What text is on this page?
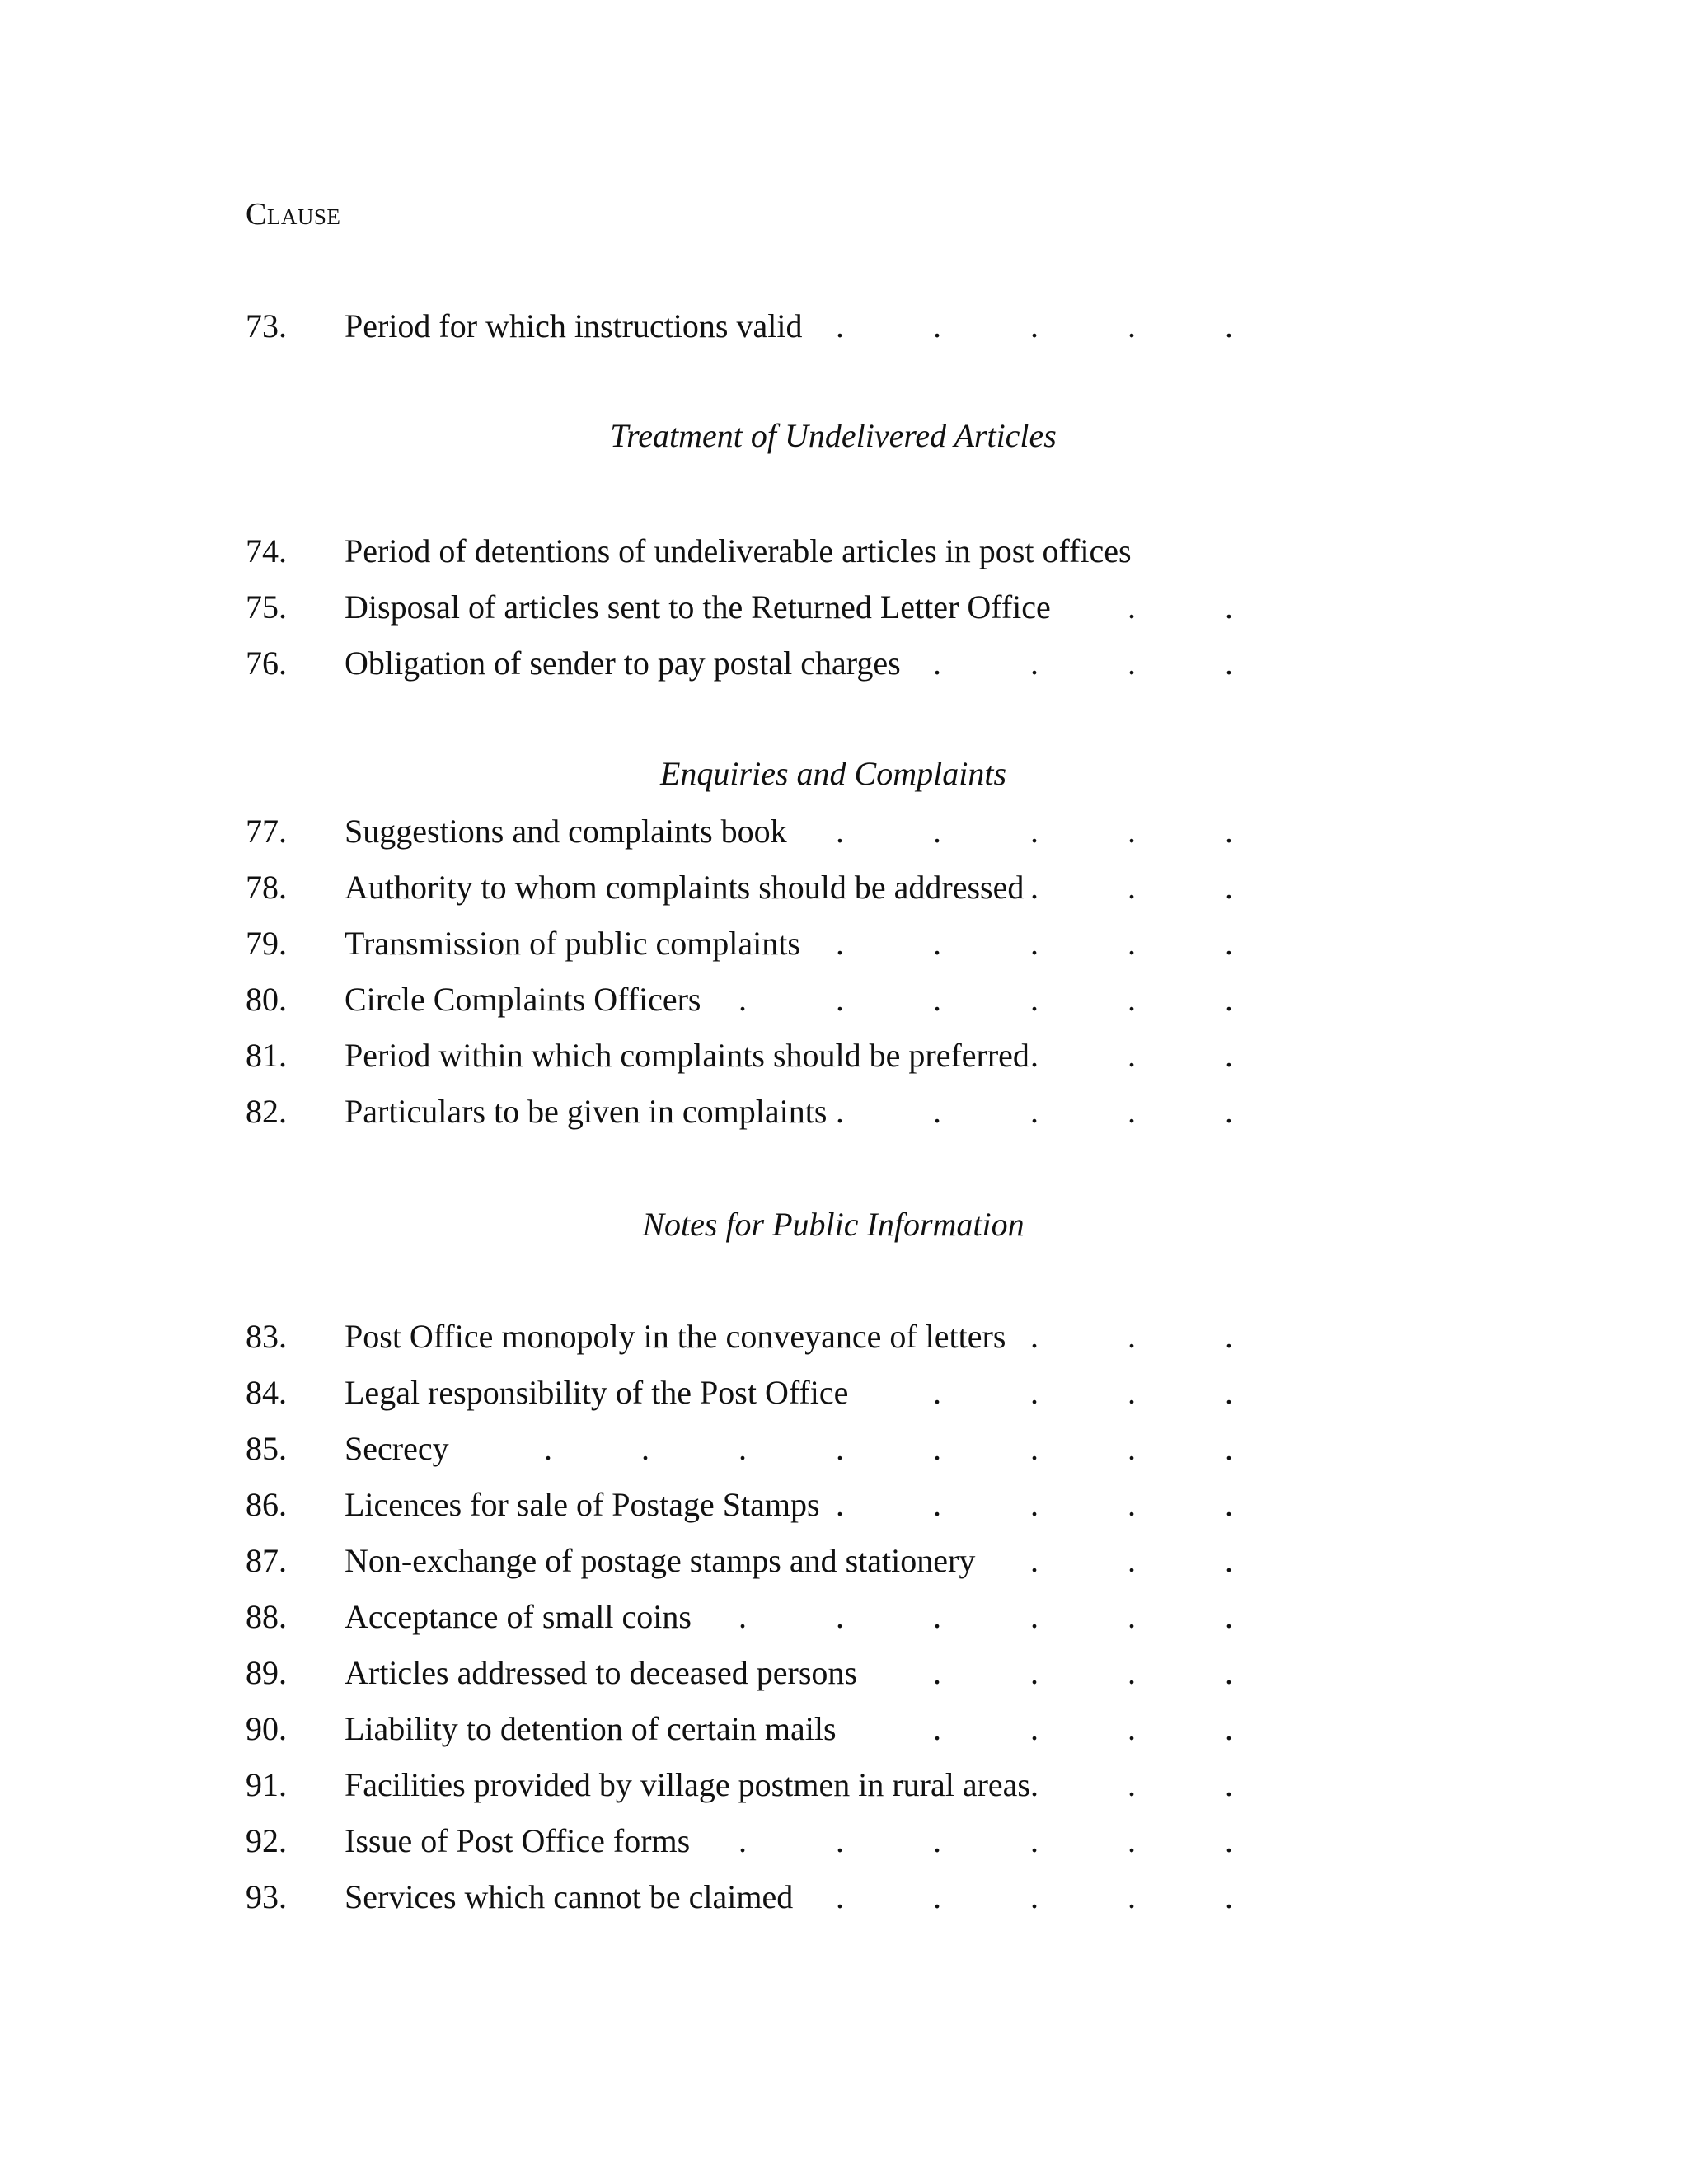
Clause
73. Period for which instructions valid	.
.
.
.
.
Treatment of Undelivered Articles
74. Period of detentions of undeliverable articles in post offices
75. Disposal of articles sent to the Returned Letter Office	.
.
76. Obligation of sender to pay postal charges	.
.
.
.
Enquiries and Complaints
77. Suggestions and complaints book	.
.
.
.
.
78. Authority to whom complaints should be addressed	.
.
.
79. Transmission of public complaints	.
.
.
.
.
80. Circle Complaints Officers	.
.
.
.
.
.
81. Period within which complaints should be preferred	.
.
.
82. Particulars to be given in complaints	.
.
.
.
.
Notes for Public Information
83. Post Office monopoly in the conveyance of letters	.
.
.
84. Legal responsibility of the Post Office	.
.
.
.
85. Secrecy	.
.
.
.
.
.
.
.
86. Licences for sale of Postage Stamps	.
.
.
.
.
87. Non-exchange of postage stamps and stationery	.
.
.
88. Acceptance of small coins	.
.
.
.
.
.
89. Articles addressed to deceased persons	.
.
.
.
90. Liability to detention of certain mails	.
.
.
.
91. Facilities provided by village postmen in rural areas	.
.
.
92. Issue of Post Office forms	.
.
.
.
.
.
93. Services which cannot be claimed	.
.
.
.
.
